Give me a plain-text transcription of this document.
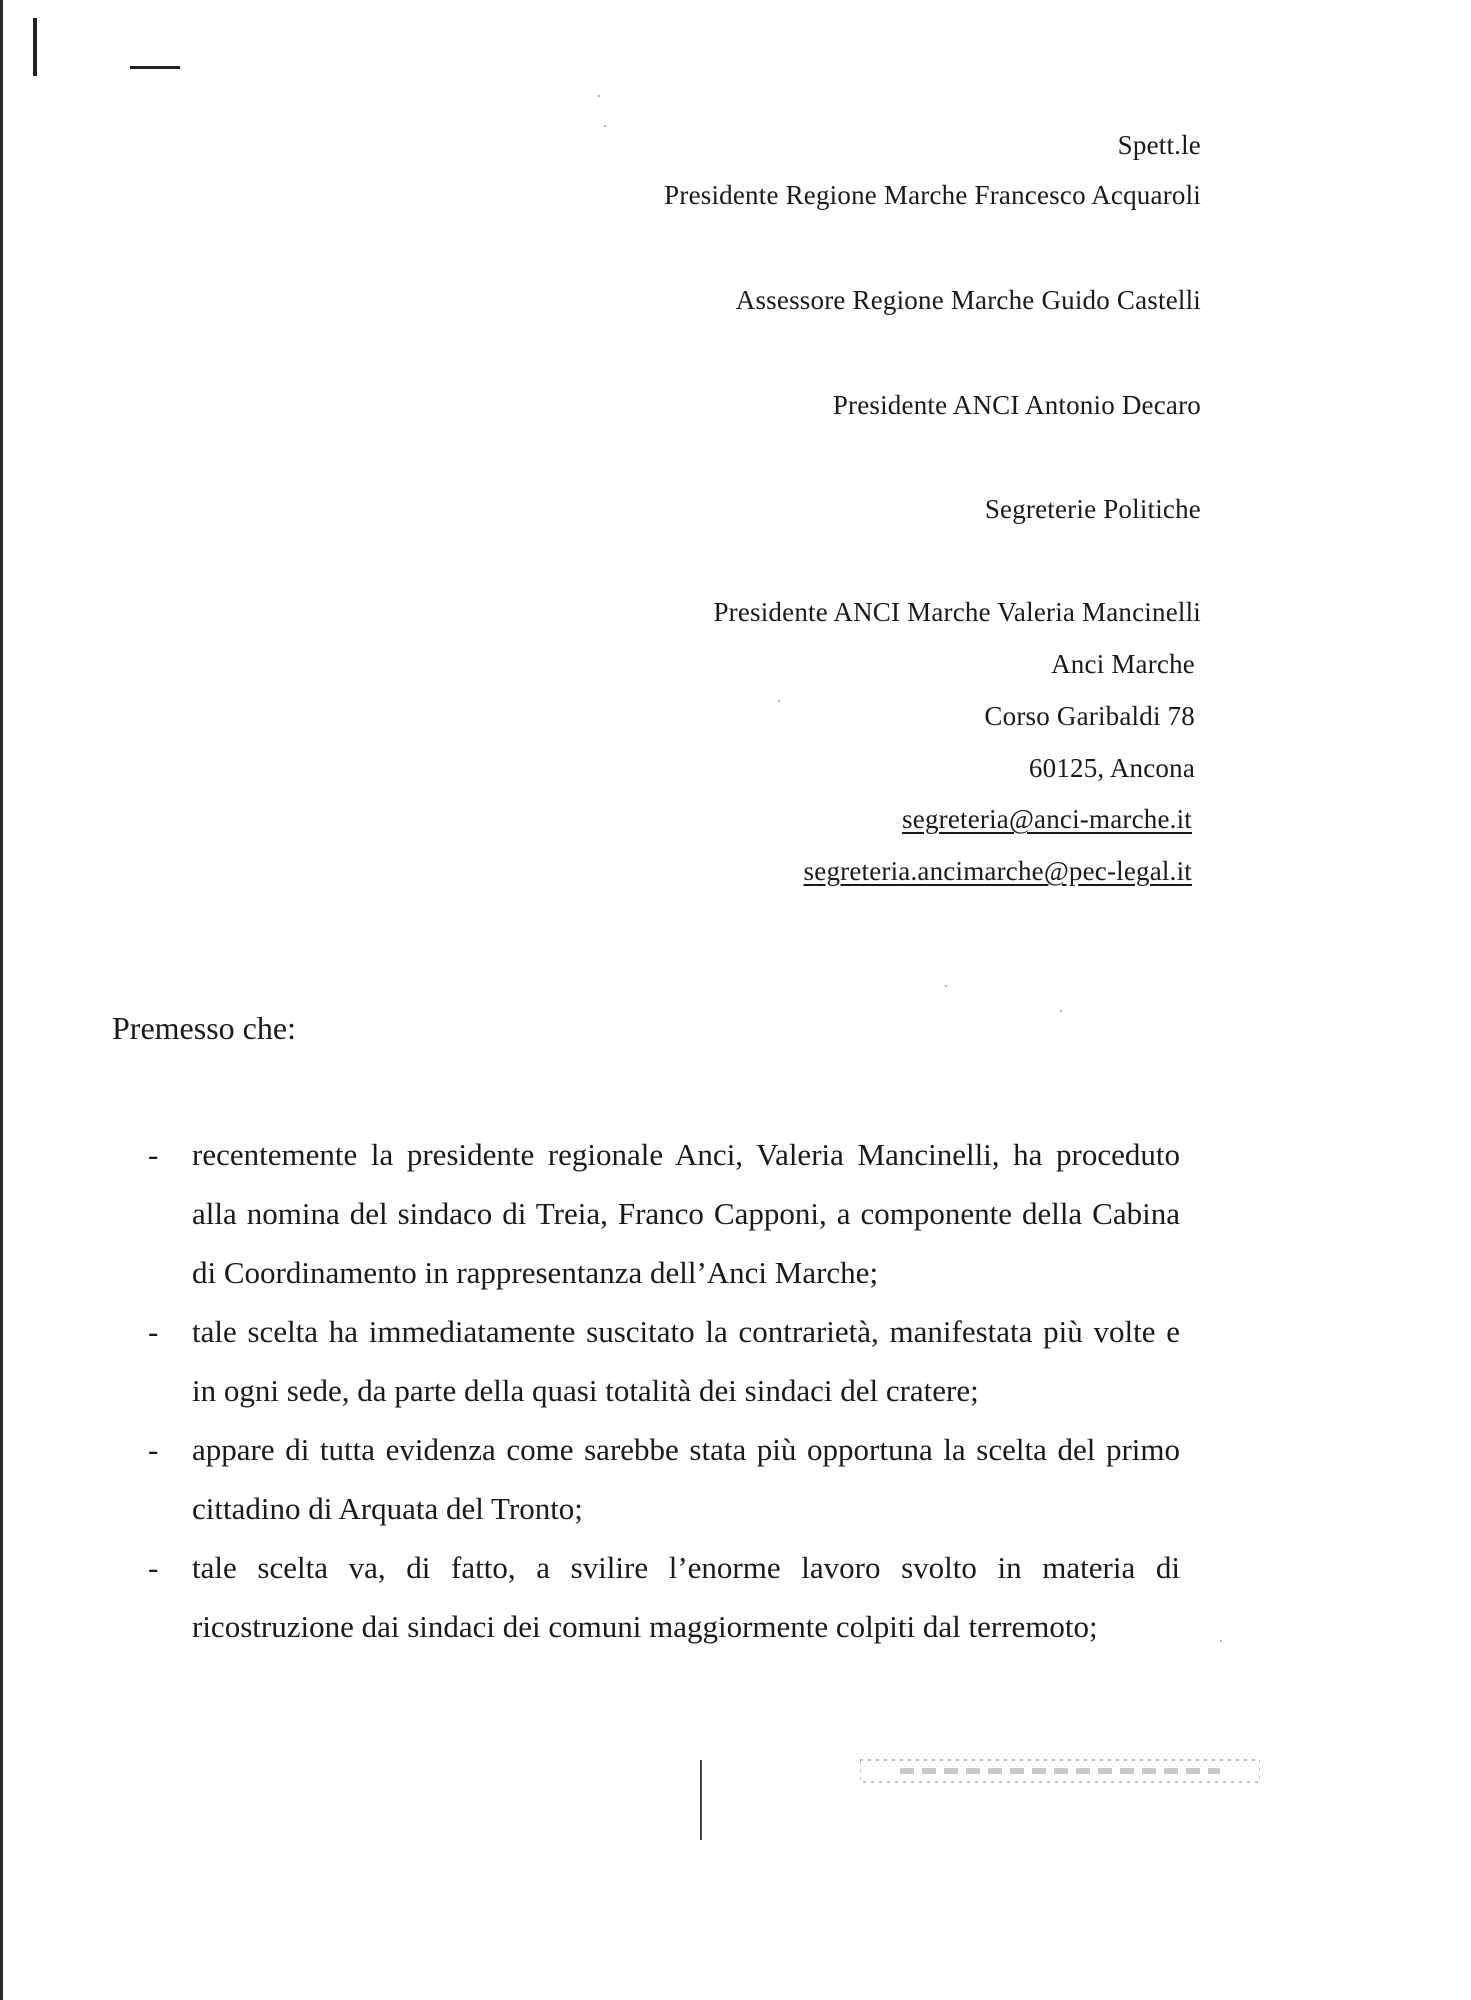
Spett.le
Presidente Regione Marche Francesco Acquaroli
Assessore Regione Marche Guido Castelli
Presidente ANCI Antonio Decaro
Segreterie Politiche
Presidente ANCI Marche Valeria Mancinelli
Anci Marche
Corso Garibaldi 78
60125, Ancona
segreteria@anci-marche.it
segreteria.ancimarche@pec-legal.it
Premesso che:
- recentemente la presidente regionale Anci, Valeria Mancinelli, ha proceduto alla nomina del sindaco di Treia, Franco Capponi, a componente della Cabina di Coordinamento in rappresentanza dell’Anci Marche;
- tale scelta ha immediatamente suscitato la contrarietà, manifestata più volte e in ogni sede, da parte della quasi totalità dei sindaci del cratere;
- appare di tutta evidenza come sarebbe stata più opportuna la scelta del primo cittadino di Arquata del Tronto;
- tale scelta va, di fatto, a svilire l’enorme lavoro svolto in materia di ricostruzione dai sindaci dei comuni maggiormente colpiti dal terremoto;
